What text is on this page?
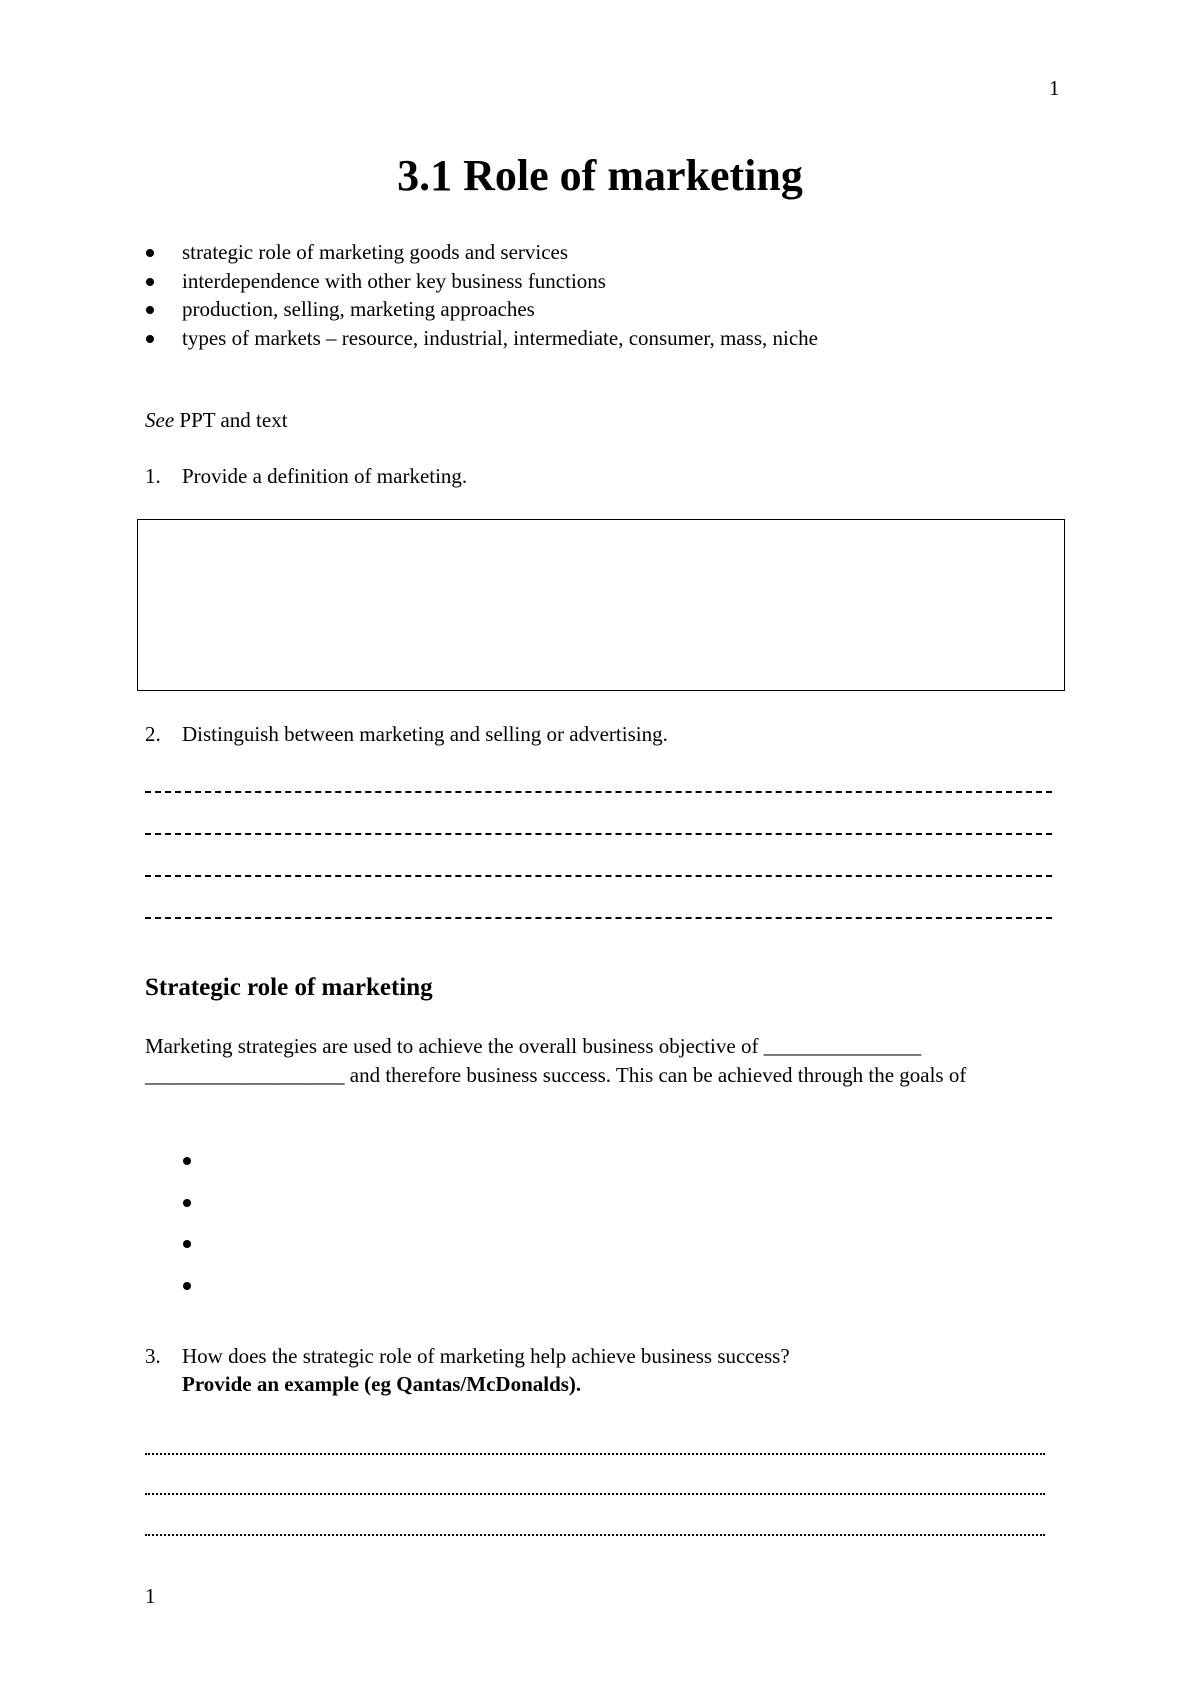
1
3.1 Role of marketing
strategic role of marketing goods and services
interdependence with other key business functions
production, selling, marketing approaches
types of markets – resource, industrial, intermediate, consumer, mass, niche
See PPT and text
1. Provide a definition of marketing.
2. Distinguish between marketing and selling or advertising.
Strategic role of marketing
Marketing strategies are used to achieve the overall business objective of _______________ ___________________ and therefore business success. This can be achieved through the goals of
3. How does the strategic role of marketing help achieve business success?
Provide an example (eg Qantas/McDonalds).
1
